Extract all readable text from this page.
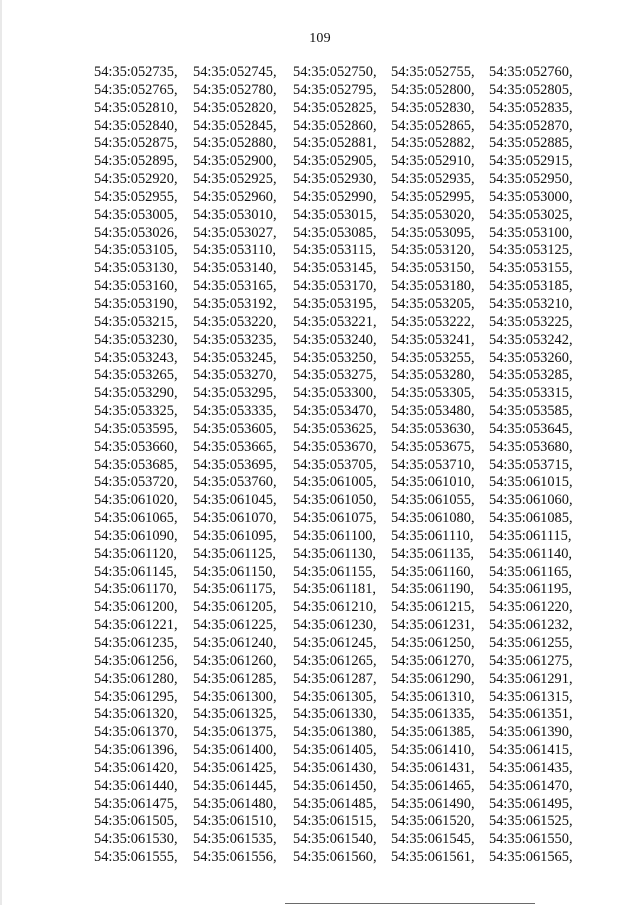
109
54:35:052735,	54:35:052745,	54:35:052750,	54:35:052755,	54:35:052760,
54:35:052765,	54:35:052780,	54:35:052795,	54:35:052800,	54:35:052805,
54:35:052810,	54:35:052820,	54:35:052825,	54:35:052830,	54:35:052835,
54:35:052840,	54:35:052845,	54:35:052860,	54:35:052865,	54:35:052870,
54:35:052875,	54:35:052880,	54:35:052881,	54:35:052882,	54:35:052885,
54:35:052895,	54:35:052900,	54:35:052905,	54:35:052910,	54:35:052915,
54:35:052920,	54:35:052925,	54:35:052930,	54:35:052935,	54:35:052950,
54:35:052955,	54:35:052960,	54:35:052990,	54:35:052995,	54:35:053000,
54:35:053005,	54:35:053010,	54:35:053015,	54:35:053020,	54:35:053025,
54:35:053026,	54:35:053027,	54:35:053085,	54:35:053095,	54:35:053100,
54:35:053105,	54:35:053110,	54:35:053115,	54:35:053120,	54:35:053125,
54:35:053130,	54:35:053140,	54:35:053145,	54:35:053150,	54:35:053155,
54:35:053160,	54:35:053165,	54:35:053170,	54:35:053180,	54:35:053185,
54:35:053190,	54:35:053192,	54:35:053195,	54:35:053205,	54:35:053210,
54:35:053215,	54:35:053220,	54:35:053221,	54:35:053222,	54:35:053225,
54:35:053230,	54:35:053235,	54:35:053240,	54:35:053241,	54:35:053242,
54:35:053243,	54:35:053245,	54:35:053250,	54:35:053255,	54:35:053260,
54:35:053265,	54:35:053270,	54:35:053275,	54:35:053280,	54:35:053285,
54:35:053290,	54:35:053295,	54:35:053300,	54:35:053305,	54:35:053315,
54:35:053325,	54:35:053335,	54:35:053470,	54:35:053480,	54:35:053585,
54:35:053595,	54:35:053605,	54:35:053625,	54:35:053630,	54:35:053645,
54:35:053660,	54:35:053665,	54:35:053670,	54:35:053675,	54:35:053680,
54:35:053685,	54:35:053695,	54:35:053705,	54:35:053710,	54:35:053715,
54:35:053720,	54:35:053760,	54:35:061005,	54:35:061010,	54:35:061015,
54:35:061020,	54:35:061045,	54:35:061050,	54:35:061055,	54:35:061060,
54:35:061065,	54:35:061070,	54:35:061075,	54:35:061080,	54:35:061085,
54:35:061090,	54:35:061095,	54:35:061100,	54:35:061110,	54:35:061115,
54:35:061120,	54:35:061125,	54:35:061130,	54:35:061135,	54:35:061140,
54:35:061145,	54:35:061150,	54:35:061155,	54:35:061160,	54:35:061165,
54:35:061170,	54:35:061175,	54:35:061181,	54:35:061190,	54:35:061195,
54:35:061200,	54:35:061205,	54:35:061210,	54:35:061215,	54:35:061220,
54:35:061221,	54:35:061225,	54:35:061230,	54:35:061231,	54:35:061232,
54:35:061235,	54:35:061240,	54:35:061245,	54:35:061250,	54:35:061255,
54:35:061256,	54:35:061260,	54:35:061265,	54:35:061270,	54:35:061275,
54:35:061280,	54:35:061285,	54:35:061287,	54:35:061290,	54:35:061291,
54:35:061295,	54:35:061300,	54:35:061305,	54:35:061310,	54:35:061315,
54:35:061320,	54:35:061325,	54:35:061330,	54:35:061335,	54:35:061351,
54:35:061370,	54:35:061375,	54:35:061380,	54:35:061385,	54:35:061390,
54:35:061396,	54:35:061400,	54:35:061405,	54:35:061410,	54:35:061415,
54:35:061420,	54:35:061425,	54:35:061430,	54:35:061431,	54:35:061435,
54:35:061440,	54:35:061445,	54:35:061450,	54:35:061465,	54:35:061470,
54:35:061475,	54:35:061480,	54:35:061485,	54:35:061490,	54:35:061495,
54:35:061505,	54:35:061510,	54:35:061515,	54:35:061520,	54:35:061525,
54:35:061530,	54:35:061535,	54:35:061540,	54:35:061545,	54:35:061550,
54:35:061555,	54:35:061556,	54:35:061560,	54:35:061561,	54:35:061565,
